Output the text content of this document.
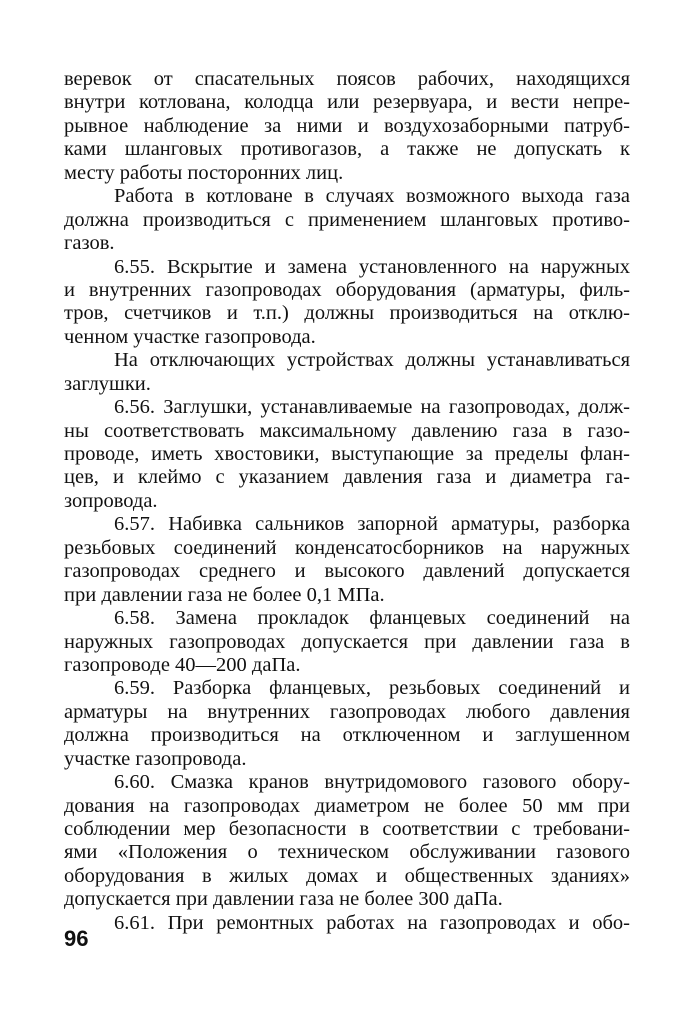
веревок от спасательных поясов рабочих, находящихся
внутри котлована, колодца или резервуара, и вести непре-
рывное наблюдение за ними и воздухозаборными патруб-
ками шланговых противогазов, а также не допускать к
месту работы посторонних лиц.
Работа в котловане в случаях возможного выхода газа
должна производиться с применением шланговых противо-
газов.
6.55. Вскрытие и замена установленного на наружных
и внутренних газопроводах оборудования (арматуры, филь-
тров, счетчиков и т.п.) должны производиться на отклю-
ченном участке газопровода.
На отключающих устройствах должны устанавливаться
заглушки.
6.56. Заглушки, устанавливаемые на газопроводах, долж-
ны соответствовать максимальному давлению газа в газо-
проводе, иметь хвостовики, выступающие за пределы флан-
цев, и клеймо с указанием давления газа и диаметра га-
зопровода.
6.57. Набивка сальников запорной арматуры, разборка
резьбовых соединений конденсатосборников на наружных
газопроводах среднего и высокого давлений допускается
при давлении газа не более 0,1 МПа.
6.58. Замена прокладок фланцевых соединений на
наружных газопроводах допускается при давлении газа в
газопроводе 40—200 даПа.
6.59. Разборка фланцевых, резьбовых соединений и
арматуры на внутренних газопроводах любого давления
должна производиться на отключенном и заглушенном
участке газопровода.
6.60. Смазка кранов внутридомового газового обору-
дования на газопроводах диаметром не более 50 мм при
соблюдении мер безопасности в соответствии с требовани-
ями «Положения о техническом обслуживании газового
оборудования в жилых домах и общественных зданиях»
допускается при давлении газа не более 300 даПа.
6.61. При ремонтных работах на газопроводах и обо-
96
